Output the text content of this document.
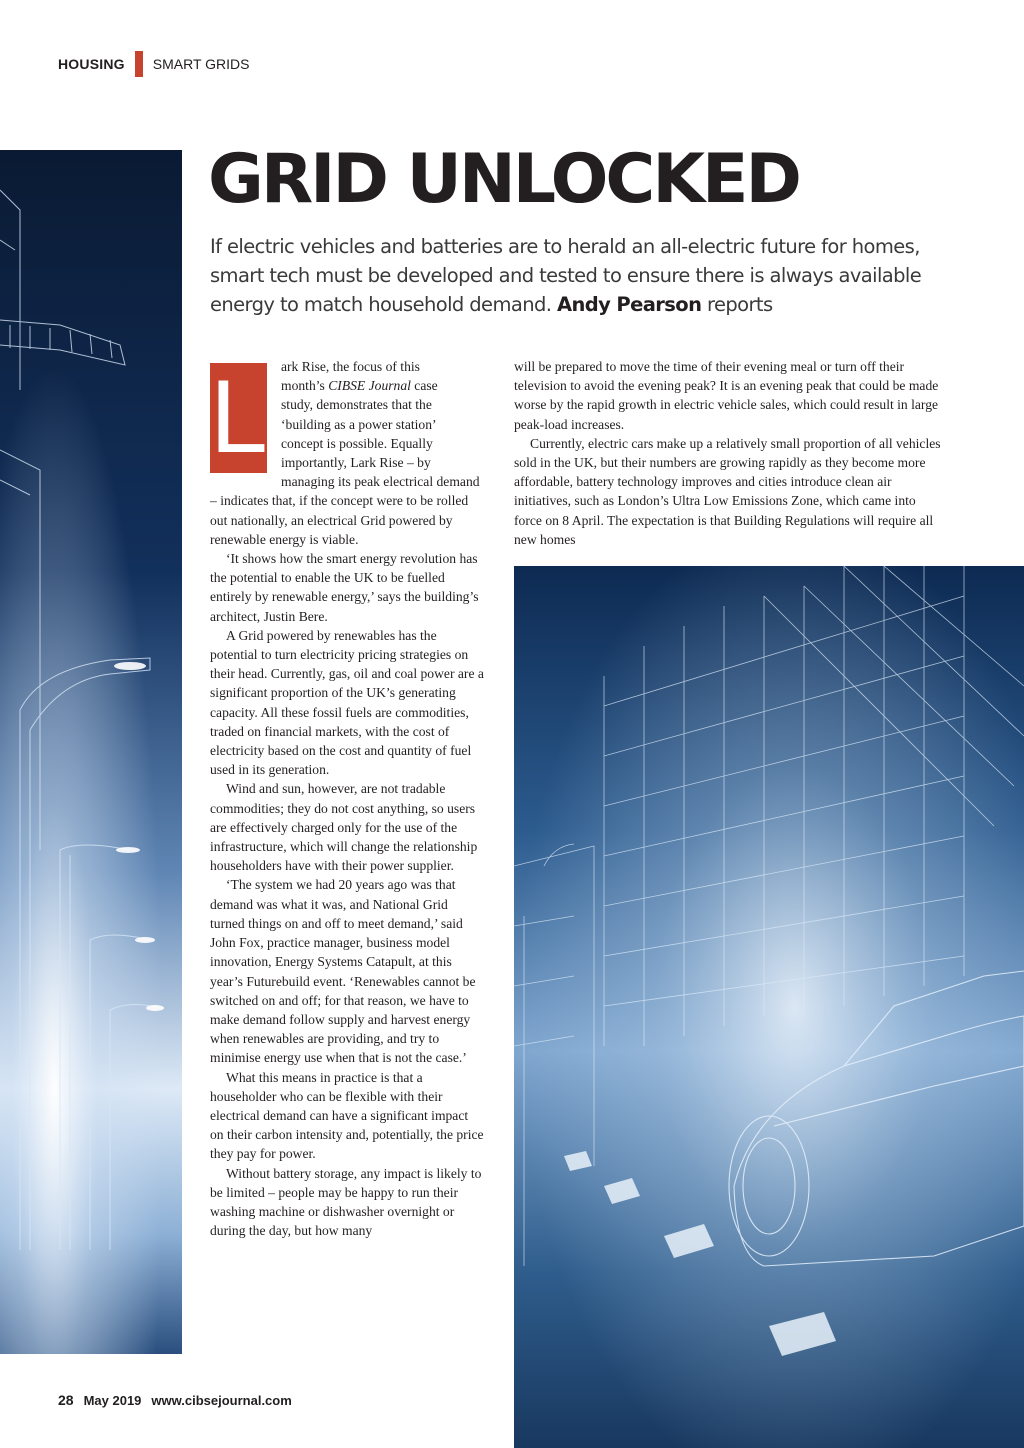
HOUSING SMART GRIDS
GRID UNLOCKED

If electric vehicles and batteries are to herald an all-electric future for homes, smart tech must be developed and tested to ensure there is always available energy to match household demand. Andy Pearson reports

L ark Rise, the focus of this
month’s CIBSE Journal case
study, demonstrates that the
‘building as a power station’
concept is possible. Equally
importantly, Lark Rise – by
managing its peak electrical demand – indicates that, if the concept were to be rolled out nationally, an electrical Grid powered by renewable energy is viable.

‘It shows how the smart energy revolution has the potential to enable the UK to be fuelled entirely by renewable energy,’ says the building’s architect, Justin Bere.

A Grid powered by renewables has the potential to turn electricity pricing strategies on their head. Currently, gas, oil and coal power are a significant proportion of the UK’s generating capacity. All these fossil fuels are commodities, traded on financial markets, with the cost of electricity based on the cost and quantity of fuel used in its generation.

Wind and sun, however, are not tradable commodities; they do not cost anything, so users are effectively charged only for the use of the infrastructure, which will change the relationship householders have with their power supplier.

‘The system we had 20 years ago was that demand was what it was, and National Grid turned things on and off to meet demand,’ said John Fox, practice manager, business model innovation, Energy Systems Catapult, at this year’s Futurebuild event. ‘Renewables cannot be switched on and off; for that reason, we have to make demand follow supply and harvest energy when renewables are providing, and try to minimise energy use when that is not the case.’

What this means in practice is that a householder who can be flexible with their electrical demand can have a significant impact on their carbon intensity and, potentially, the price they pay for power.

Without battery storage, any impact is likely to be limited – people may be happy to run their washing machine or dishwasher overnight or during the day, but how many

will be prepared to move the time of their evening meal or turn off their television to avoid the evening peak? It is an evening peak that could be made worse by the rapid growth in electric vehicle sales, which could result in large peak-load increases.

Currently, electric cars make up a relatively small proportion of all vehicles sold in the UK, but their numbers are growing rapidly as they become more affordable, battery technology improves and cities introduce clean air initiatives, such as London’s Ultra Low Emissions Zone, which came into force on 8 April. The expectation is that Building Regulations will require all new homes

28 May 2019 www.cibsejournal.com
